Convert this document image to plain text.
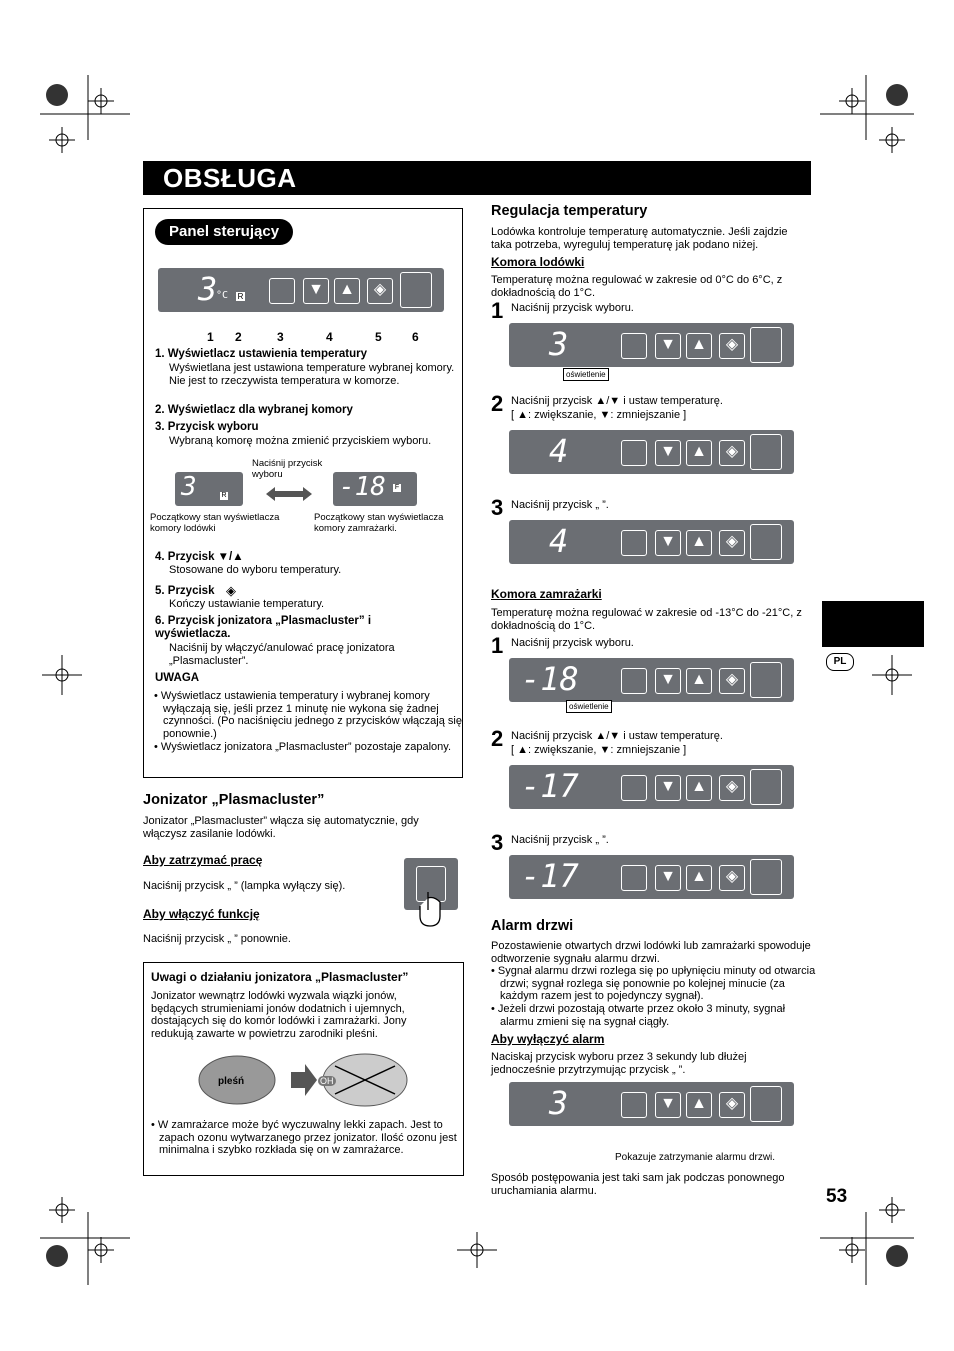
OBSŁUGA
Panel sterujący
3
°C R	▼ ▲	◈
1 2	3	4	5	6
1. Wyświetlacz ustawienia temperatury
Wyświetlana jest ustawiona temperature wybranej komory. Nie jest to rzeczywista temperatura w komorze.
2. Wyświetlacz dla wybranej komory
3. Przycisk wyboru
Wybraną komorę można zmienić przyciskiem wyboru.
Naciśnij przycisk wyboru
3	R	-18 F
Początkowy stan wyświetlacza komory lodówki
Początkowy stan wyświetlacza komory zamrażarki.
4. Przycisk ▼/▲
Stosowane do wyboru temperatury.
5. Przycisk ◈
Kończy ustawianie temperatury.
6. Przycisk jonizatora „Plasmacluster” i wyświetlacza.
Naciśnij by włączyć/anulować pracę jonizatora „Plasmacluster”.
UWAGA
• Wyświetlacz ustawienia temperatury i wybranej komory wyłączają się, jeśli przez 1 minutę nie wykona się żadnej czynności. (Po naciśnięciu jednego z przycisków włączają się ponownie.)
• Wyświetlacz jonizatora „Plasmacluster” pozostaje zapalony.
Jonizator „Plasmacluster”
Jonizator „Plasmacluster” włącza się automatycznie, gdy włączysz zasilanie lodówki.
Aby zatrzymać pracę
Naciśnij przycisk „ ” (lampka wyłączy się).
Aby włączyć funkcję
Naciśnij przycisk „ ” ponownie.
Uwagi o działaniu jonizatora „Plasmacluster”
Jonizator wewnątrz lodówki wyzwala wiązki jonów, będących strumieniami jonów dodatnich i ujemnych, dostających się do komór lodówki i zamrażarki. Jony redukują zawarte w powietrzu zarodniki pleśni.
pleśń	OH
• W zamrażarce może być wyczuwalny lekki zapach. Jest to zapach ozonu wytwarzanego przez jonizator. Ilość ozonu jest minimalna i szybko rozkłada się on w zamrażarce.
Regulacja temperatury
Lodówka kontroluje temperaturę automatycznie. Jeśli zajdzie taka potrzeba, wyreguluj temperaturę jak podano niżej.
Komora lodówki
Temperaturę można regulować w zakresie od 0°C do 6°C, z dokładnością do 1°C.
1 Naciśnij przycisk wyboru.
3	▼ ▲	◈
oświetlenie
2 Naciśnij przycisk ▲/▼ i ustaw temperaturę.
[ ▲: zwiększanie, ▼: zmniejszanie ]
4	▼ ▲	◈
3 Naciśnij przycisk „ ”.
4	▼ ▲	◈
Komora zamrażarki
Temperaturę można regulować w zakresie od -13°C do -21°C, z dokładnością do 1°C.
1 Naciśnij przycisk wyboru.
-18	▼ ▲	◈
oświetlenie
2 Naciśnij przycisk ▲/▼ i ustaw temperaturę.
[ ▲: zwiększanie, ▼: zmniejszanie ]
-17	▼ ▲	◈
3 Naciśnij przycisk „ ”.
-17	▼ ▲	◈
Alarm drzwi
Pozostawienie otwartych drzwi lodówki lub zamrażarki spowoduje odtworzenie sygnału alarmu drzwi.
• Sygnał alarmu drzwi rozlega się po upłynięciu minuty od otwarcia drzwi; sygnał rozlega się ponownie po kolejnej minucie (za każdym razem jest to pojedynczy sygnał).
• Jeżeli drzwi pozostają otwarte przez około 3 minuty, sygnał alarmu zmieni się na sygnał ciągły.
Aby wyłączyć alarm
Naciskaj przycisk wyboru przez 3 sekundy lub dłużej jednocześnie przytrzymując przycisk „ ”.
3	▼ ▲	◈
Pokazuje zatrzymanie alarmu drzwi.
Sposób postępowania jest taki sam jak podczas ponownego uruchamiania alarmu.
PL
53
